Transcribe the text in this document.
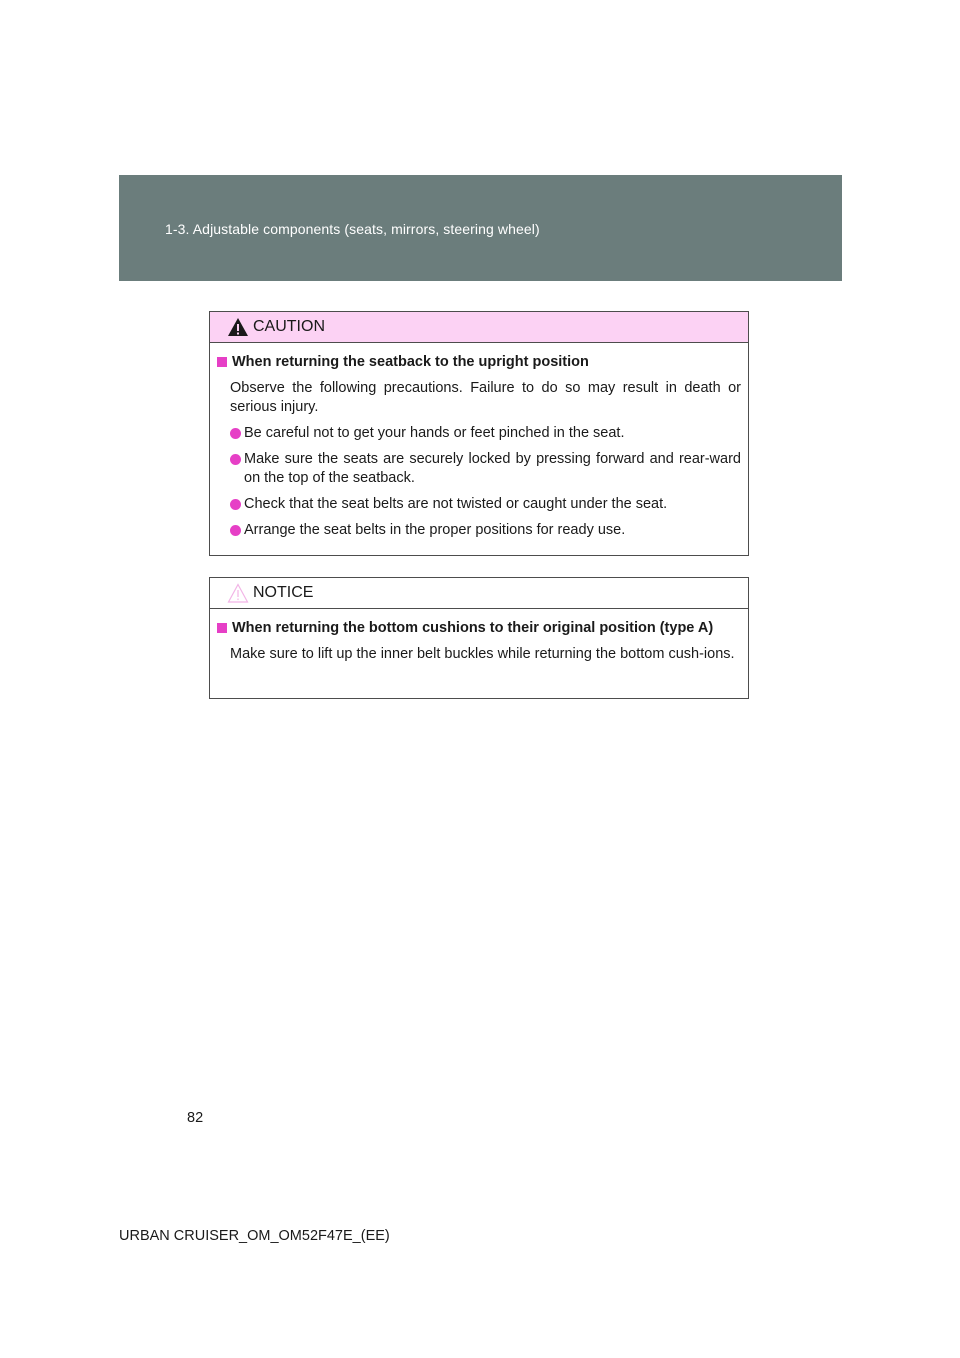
1-3. Adjustable components (seats, mirrors, steering wheel)
CAUTION
When returning the seatback to the upright position
Observe the following precautions. Failure to do so may result in death or serious injury.
Be careful not to get your hands or feet pinched in the seat.
Make sure the seats are securely locked by pressing forward and rear-ward on the top of the seatback.
Check that the seat belts are not twisted or caught under the seat.
Arrange the seat belts in the proper positions for ready use.
NOTICE
When returning the bottom cushions to their original position (type A)
Make sure to lift up the inner belt buckles while returning the bottom cush-ions.
82
URBAN CRUISER_OM_OM52F47E_(EE)
